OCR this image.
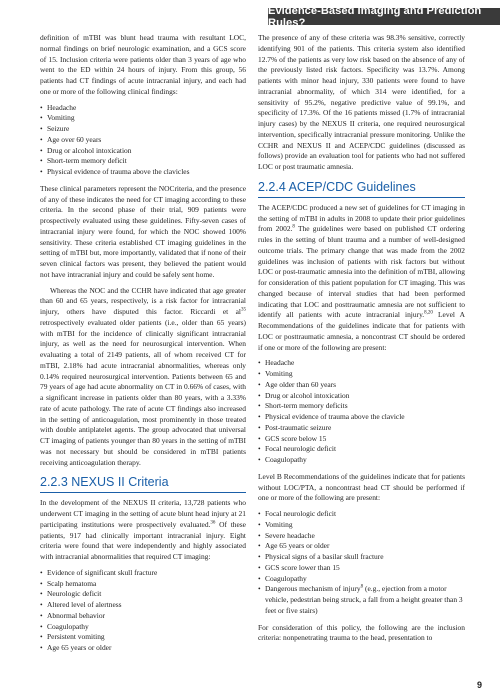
Evidence-Based Imaging and Prediction Rules?

definition of mTBI was blunt head trauma with resultant LOC, normal findings on brief neurologic examination, and a GCS score of 15. Inclusion criteria were patients older than 3 years of age who went to the ED within 24 hours of injury. From this group, 56 patients had CT findings of acute intracranial injury, and each had one or more of the following clinical findings:

• Headache
• Vomiting
• Seizure
• Age over 60 years
• Drug or alcohol intoxication
• Short-term memory deficit
• Physical evidence of trauma above the clavicles

These clinical parameters represent the NOCriteria, and the presence of any of these indicates the need for CT imaging according to these criteria. In the second phase of their trial, 909 patients were prospectively evaluated using these guidelines. Fifty-seven cases of intracranial injury were found, for which the NOC showed 100% sensitivity. These criteria established CT imaging guidelines in the setting of mTBI but, more importantly, validated that if none of their seven clinical factors was present, they believed the patient would not have intracranial injury and could be safely sent home.

Whereas the NOC and the CCHR have indicated that age greater than 60 and 65 years, respectively, is a risk factor for intracranial injury, others have disputed this factor. Riccardi et $al^{35}$ retrospectively evaluated older patients (i.e., older than 65 years) with mTBI for the incidence of clinically significant intracranial injury, as well as the need for neurosurgical intervention. When evaluating a total of 2149 patients, all of whom received CT for mTBI, 2.18% had acute intracranial abnormalities, whereas only 0.14% required neurosurgical intervention. Patients between 65 and 79 years of age had acute abnormality on CT in 0.66% of cases, with a significant increase in patients older than 80 years, with a 3.33% rate of acute pathology. The rate of acute CT findings also increased in the setting of anticoagulation, most prominently in those treated with double antiplatelet agents. The group advocated that universal CT imaging of patients younger than 80 years in the setting of mTBI was not necessary but should be considered in mTBI patients receiving anticoagulation therapy.

2.2.3 NEXUS II Criteria

In the development of the NEXUS II criteria, 13,728 patients who underwent CT imaging in the setting of acute blunt head injury at 21 participating institutions were prospectively evaluated.$^{36}$ Of these patients, 917 had clinically important intracranial injury. Eight criteria were found that were independently and highly associated with intracranial abnormalities that required CT imaging:

• Evidence of significant skull fracture
• Scalp hematoma
• Neurologic deficit
• Altered level of alertness
• Abnormal behavior
• Coagulopathy
• Persistent vomiting
• Age 65 years or older

The presence of any of these criteria was 98.3% sensitive, correctly identifying 901 of the patients. This criteria system also identified 12.7% of the patients as very low risk based on the absence of any of the previously listed risk factors. Specificity was 13.7%. Among patients with minor head injury, 330 patients were found to have intracranial abnormality, of which 314 were identified, for a sensitivity of 95.2%, negative predictive value of 99.1%, and specificity of 17.3%. Of the 16 patients missed (1.7% of intracranial injury cases) by the NEXUS II criteria, one required neurosurgical intervention, specifically intracranial pressure monitoring. Unlike the CCHR and NEXUS II and ACEP/CDC guidelines (discussed as follows) provide an evaluation tool for patients who had not suffered LOC or post traumatic amnesia.

2.2.4 ACEP/CDC Guidelines

The ACEP/CDC produced a new set of guidelines for CT imaging in the setting of mTBI in adults in 2008 to update their prior guidelines from 2002.$^8$ The guidelines were based on published CT ordering rules in the setting of blunt trauma and a number of well-designed outcome trials. The primary change that was made from the 2002 guidelines was inclusion of patients with risk factors but without LOC or post-traumatic amnesia into the definition of mTBI, allowing for consideration of this patient population for CT imaging. This was changed because of interval studies that had been performed indicating that LOC and posttraumatic amnesia are not sufficient to identify all patients with acute intracranial injury.$^{8,20}$ Level A Recommendations of the guidelines indicate that for patients with LOC or posttraumatic amnesia, a noncontrast CT should be ordered if one or more of the following are present:

• Headache
• Vomiting
• Age older than 60 years
• Drug or alcohol intoxication
• Short-term memory deficits
• Physical evidence of trauma above the clavicle
• Post-traumatic seizure
• GCS score below 15
• Focal neurologic deficit
• Coagulopathy

Level B Recommendations of the guidelines indicate that for patients without LOC/PTA, a noncontrast head CT should be performed if one or more of the following are present:

• Focal neurologic deficit
• Vomiting
• Severe headache
• Age 65 years or older
• Physical signs of a basilar skull fracture
• GCS score lower than 15
• Coagulopathy
• Dangerous mechanism of injury$^8$ (e.g., ejection from a motor vehicle, pedestrian being struck, a fall from a height greater than 3 feet or five stairs)

For consideration of this policy, the following are the inclusion criteria: nonpenetrating trauma to the head, presentation to

9
